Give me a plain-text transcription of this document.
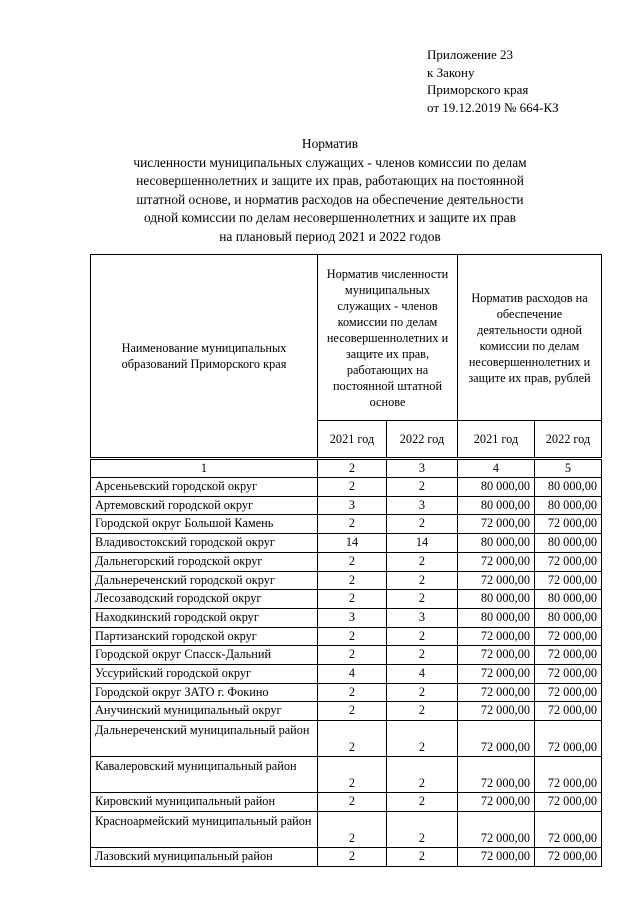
Приложение 23
к Закону
Приморского края
от 19.12.2019 № 664-КЗ
Норматив
численности муниципальных служащих - членов комиссии по делам
несовершеннолетних и защите их прав, работающих на постоянной
штатной основе, и норматив расходов на обеспечение деятельности
одной комиссии по делам несовершеннолетних и защите их прав
на плановый период 2021 и 2022 годов
Наименование муниципальных образований Приморского края	Норматив численности муниципальных служащих - членов комиссии по делам несовершеннолетних и защите их прав, работающих на постоянной штатной основе		Норматив расходов на обеспечение деятельности одной комиссии по делам несовершеннолетних и защите их прав, рублей	
	2021 год	2022 год	2021 год	2022 год
1	2	3	4	5
Арсеньевский городской округ	2	2	80 000,00	80 000,00
Артемовский городской округ	3	3	80 000,00	80 000,00
Городской округ Большой Камень	2	2	72 000,00	72 000,00
Владивостокский городской округ	14	14	80 000,00	80 000,00
Дальнегорский городской округ	2	2	72 000,00	72 000,00
Дальнереченский городской округ	2	2	72 000,00	72 000,00
Лесозаводский городской округ	2	2	80 000,00	80 000,00
Находкинский городской округ	3	3	80 000,00	80 000,00
Партизанский городской округ	2	2	72 000,00	72 000,00
Городской округ Спасск-Дальний	2	2	72 000,00	72 000,00
Уссурийский городской округ	4	4	72 000,00	72 000,00
Городской округ ЗАТО г. Фокино	2	2	72 000,00	72 000,00
Анучинский муниципальный округ	2	2	72 000,00	72 000,00
Дальнереченский муниципальный район	2	2	72 000,00	72 000,00
Кавалеровский муниципальный район	2	2	72 000,00	72 000,00
Кировский муниципальный район	2	2	72 000,00	72 000,00
Красноармейский муниципальный район	2	2	72 000,00	72 000,00
Лазовский муниципальный район	2	2	72 000,00	72 000,00
